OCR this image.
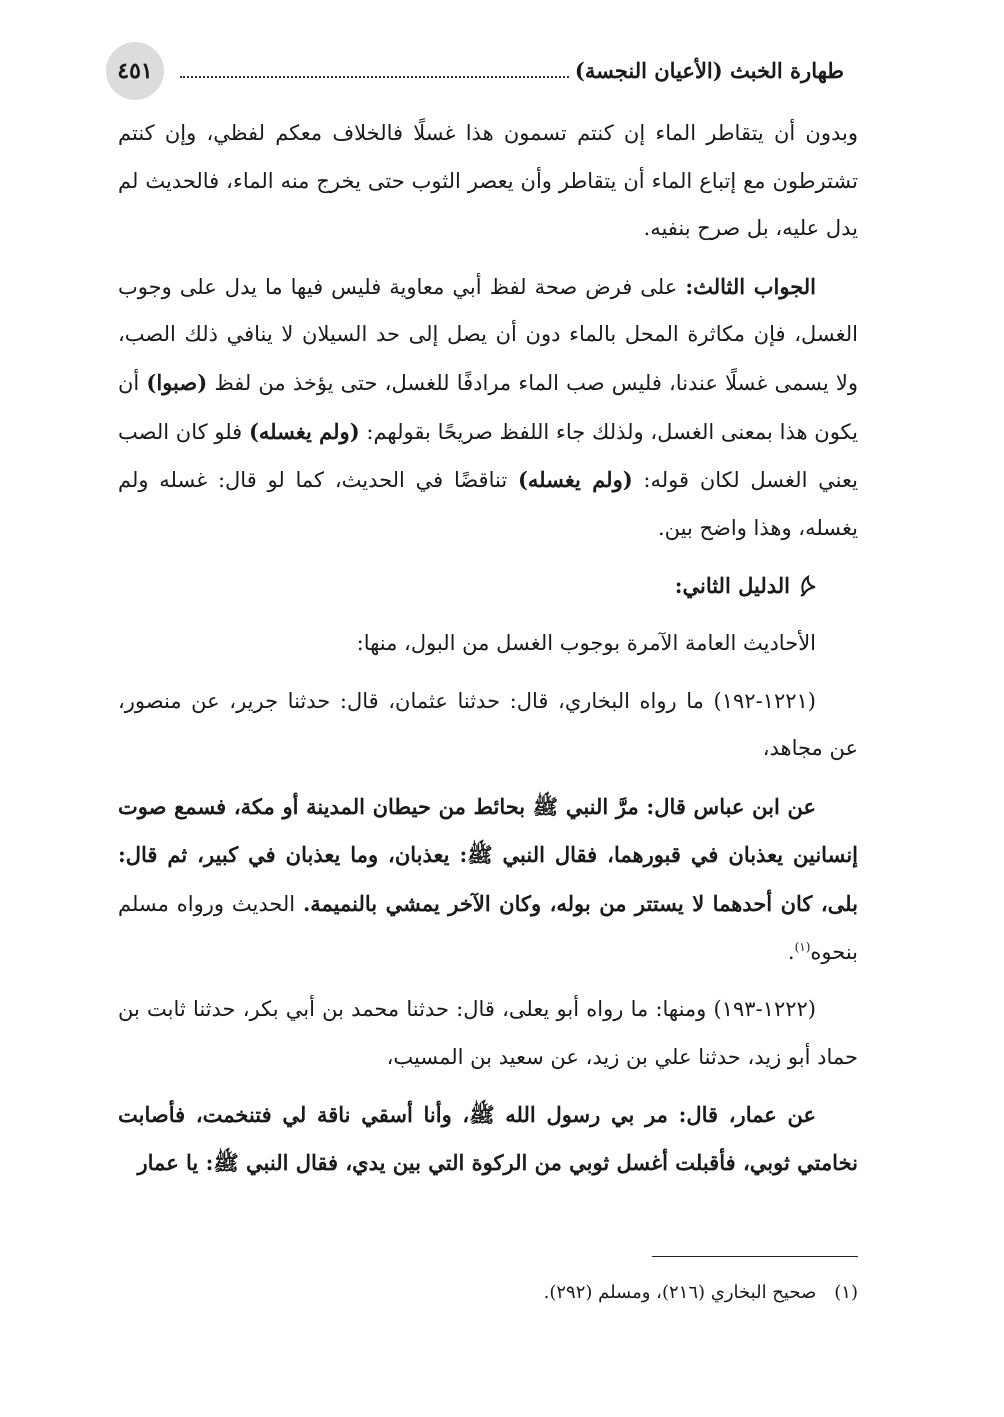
٤٥١	طهارة الخبث (الأعيان النجسة)

وبدون أن يتقاطر الماء إن كنتم تسمون هذا غسلًا فالخلاف معكم لفظي، وإن كنتم تشترطون مع إتباع الماء أن يتقاطر وأن يعصر الثوب حتى يخرج منه الماء، فالحديث لم يدل عليه، بل صرح بنفيه.

الجواب الثالث: على فرض صحة لفظ أبي معاوية فليس فيها ما يدل على وجوب الغسل، فإن مكاثرة المحل بالماء دون أن يصل إلى حد السيلان لا ينافي ذلك الصب، ولا يسمى غسلًا عندنا، فليس صب الماء مرادفًا للغسل، حتى يؤخذ من لفظ (صبوا) أن يكون هذا بمعنى الغسل، ولذلك جاء اللفظ صريحًا بقولهم: (ولم يغسله) فلو كان الصب يعني الغسل لكان قوله: (ولم يغسله) تناقضًا في الحديث، كما لو قال: غسله ولم يغسله، وهذا واضح بين.

الدليل الثاني:

الأحاديث العامة الآمرة بوجوب الغسل من البول، منها:

(١٢٢١-١٩٢) ما رواه البخاري، قال: حدثنا عثمان، قال: حدثنا جرير، عن منصور، عن مجاهد،

عن ابن عباس قال: مرَّ النبي ﷺ بحائط من حيطان المدينة أو مكة، فسمع صوت إنسانين يعذبان في قبورهما، فقال النبي ﷺ: يعذبان، وما يعذبان في كبير، ثم قال: بلى، كان أحدهما لا يستتر من بوله، وكان الآخر يمشي بالنميمة. الحديث ورواه مسلم بنحوه$^{(١)}$.

(١٢٢٢-١٩٣) ومنها: ما رواه أبو يعلى، قال: حدثنا محمد بن أبي بكر، حدثنا ثابت بن حماد أبو زيد، حدثنا علي بن زيد، عن سعيد بن المسيب،

عن عمار، قال: مر بي رسول الله ﷺ، وأنا أسقي ناقة لي فتنخمت، فأصابت نخامتي ثوبي، فأقبلت أغسل ثوبي من الركوة التي بين يدي، فقال النبي ﷺ: يا عمار

(١)صحيح البخاري (٢١٦)، ومسلم (٢٩٢).
